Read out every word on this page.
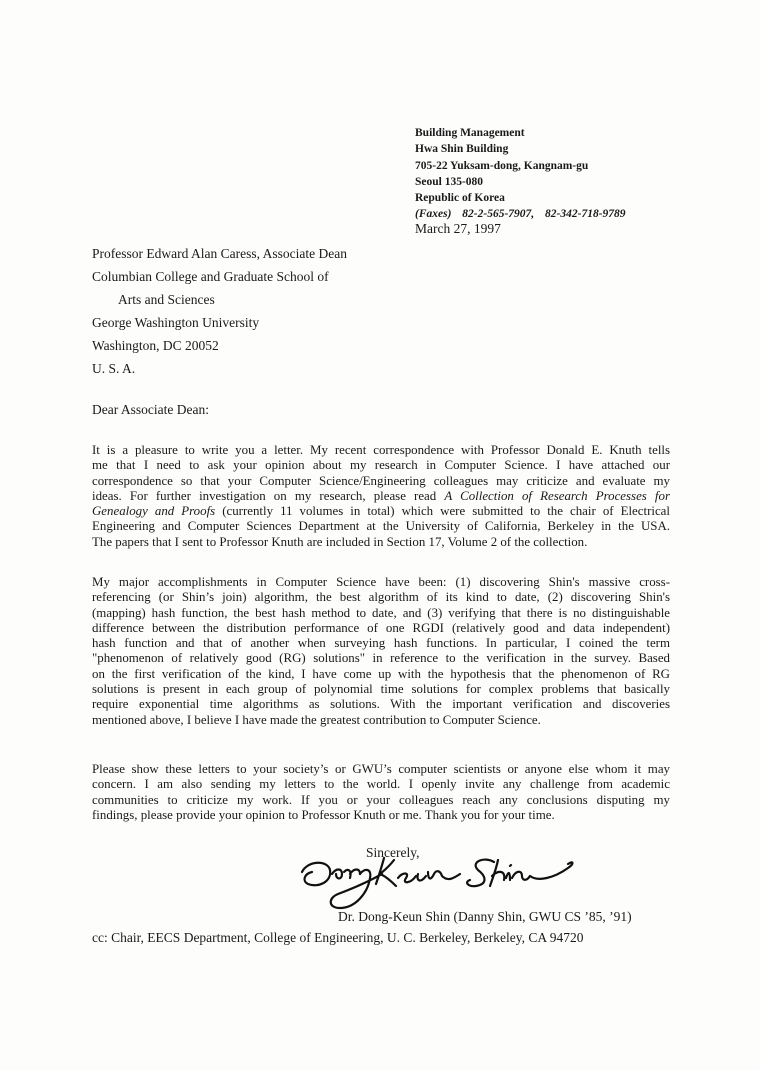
Building Management
Hwa Shin Building
705-22 Yuksam-dong, Kangnam-gu
Seoul 135-080
Republic of Korea
(Faxes) 82-2-565-7907, 82-342-718-9789
March 27, 1997
Professor Edward Alan Caress, Associate Dean
Columbian College and Graduate School of
Arts and Sciences
George Washington University
Washington, DC 20052
U. S. A.
Dear Associate Dean:
It is a pleasure to write you a letter. My recent correspondence with Professor Donald E. Knuth tells
me that I need to ask your opinion about my research in Computer Science. I have attached our
correspondence so that your Computer Science/Engineering colleagues may criticize and evaluate my
ideas. For further investigation on my research, please read A Collection of Research Processes for
Genealogy and Proofs (currently 11 volumes in total) which were submitted to the chair of Electrical
Engineering and Computer Sciences Department at the University of California, Berkeley in the USA.
The papers that I sent to Professor Knuth are included in Section 17, Volume 2 of the collection.
My major accomplishments in Computer Science have been: (1) discovering Shin's massive cross-
referencing (or Shin’s join) algorithm, the best algorithm of its kind to date, (2) discovering Shin's
(mapping) hash function, the best hash method to date, and (3) verifying that there is no distinguishable
difference between the distribution performance of one RGDI (relatively good and data independent)
hash function and that of another when surveying hash functions. In particular, I coined the term
"phenomenon of relatively good (RG) solutions" in reference to the verification in the survey. Based
on the first verification of the kind, I have come up with the hypothesis that the phenomenon of RG
solutions is present in each group of polynomial time solutions for complex problems that basically
require exponential time algorithms as solutions. With the important verification and discoveries
mentioned above, I believe I have made the greatest contribution to Computer Science.
Please show these letters to your society’s or GWU’s computer scientists or anyone else whom it may
concern. I am also sending my letters to the world. I openly invite any challenge from academic
communities to criticize my work. If you or your colleagues reach any conclusions disputing my
findings, please provide your opinion to Professor Knuth or me. Thank you for your time.
Sincerely,
Dr. Dong-Keun Shin (Danny Shin, GWU CS ’85, ’91)
cc: Chair, EECS Department, College of Engineering, U. C. Berkeley, Berkeley, CA 94720
